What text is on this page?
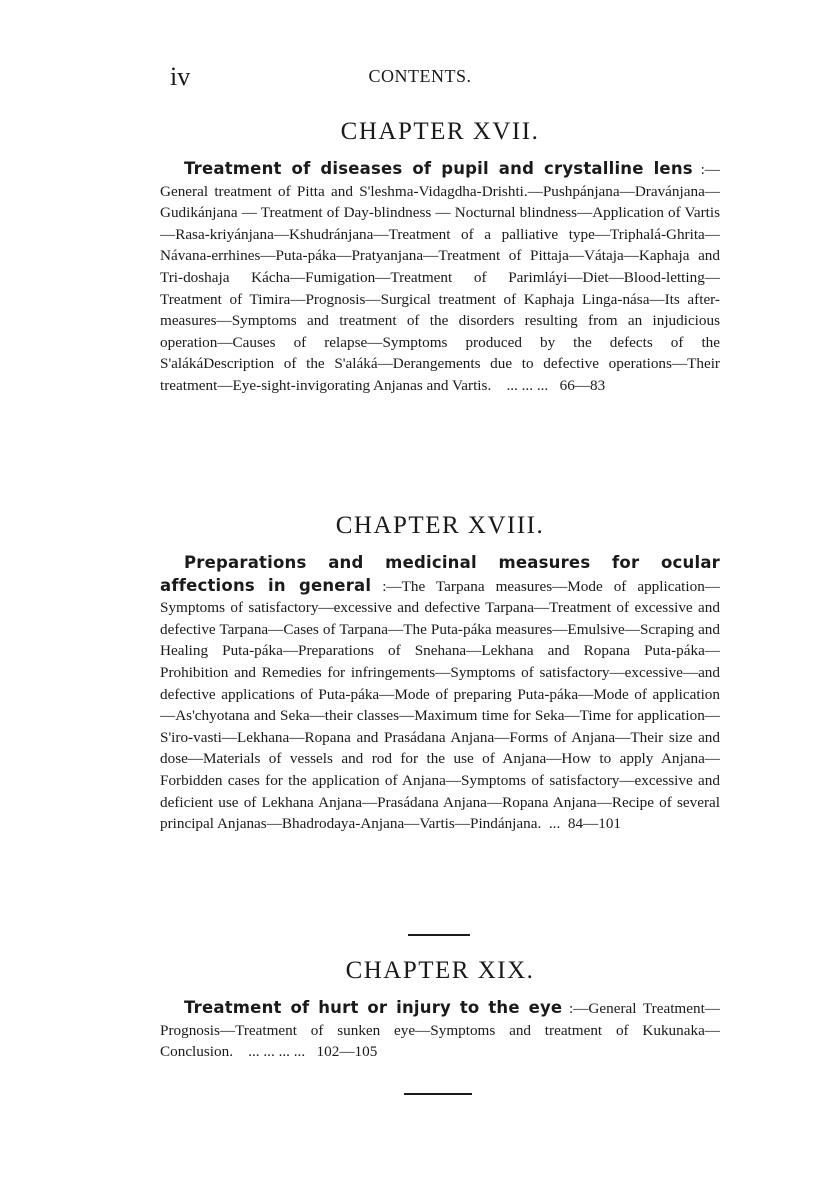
iv	CONTENTS.
CHAPTER XVII.

Treatment of diseases of pupil and crystalline lens :—General treatment of Pitta and S'leshma-Vidagdha-Drishti.—Pushpánjana—Dravánjana—Gudikánjana — Treatment of Day-blindness — Nocturnal blindness—Application of Vartis—Rasa-kriyánjana—Kshudránjana—Treatment of a palliative type—Triphalá-Ghrita—Návana-errhines—Puta-páka—Pratyanjana—Treatment of Pittaja—Vátaja—Kaphaja and Tri-doshaja Kácha—Fumigation—Treatment of Parimláyi—Diet—Blood-letting—Treatment of Timira—Prognosis—Surgical treatment of Kaphaja Linga-nása—Its after-measures—Symptoms and treatment of the disorders resulting from an injudicious operation—Causes of relapse—Symptoms produced by the defects of the S'alákáDescription of the S'aláká—Derangements due to defective operations—Their treatment—Eye-sight-invigorating Anjanas and Vartis. ... ... ... 66—83

CHAPTER XVIII.

Preparations and medicinal measures for ocular affections in general :—The Tarpana measures—Mode of application—Symptoms of satisfactory—excessive and defective Tarpana—Treatment of excessive and defective Tarpana—Cases of Tarpana—The Puta-páka measures—Emulsive—Scraping and Healing Puta-páka—Preparations of Snehana—Lekhana and Ropana Puta-páka—Prohibition and Remedies for infringements—Symptoms of satisfactory—excessive—and defective applications of Puta-páka—Mode of preparing Puta-páka—Mode of application—As'chyotana and Seka—their classes—Maximum time for Seka—Time for application—S'iro-vasti—Lekhana—Ropana and Prasádana Anjana—Forms of Anjana—Their size and dose—Materials of vessels and rod for the use of Anjana—How to apply Anjana—Forbidden cases for the application of Anjana—Symptoms of satisfactory—excessive and deficient use of Lekhana Anjana—Prasádana Anjana—Ropana Anjana—Recipe of several principal Anjanas—Bhadrodaya-Anjana—Vartis—Pindánjana. ... 84—101

CHAPTER XIX.

Treatment of hurt or injury to the eye :—General Treatment—Prognosis—Treatment of sunken eye—Symptoms and treatment of Kukunaka—Conclusion. ... ... ... ... 102—105
